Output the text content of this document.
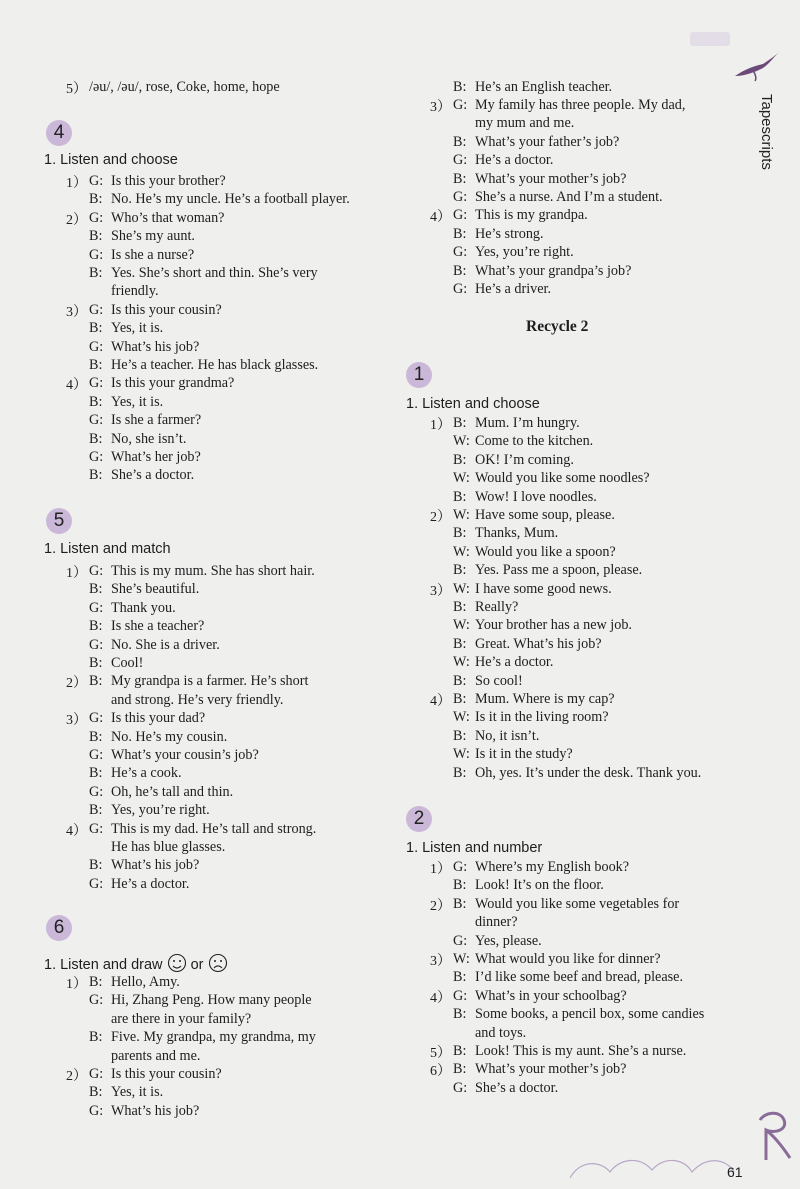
Tapescripts
5） /əu/, /əu/, rose, Coke, home, hope
4
1. Listen and choose
1） G: Is this your brother?
B: No. He’s my uncle. He’s a football player.
2） G: Who’s that woman?
B: She’s my aunt.
G: Is she a nurse?
B: Yes. She’s short and thin. She’s very
friendly.
3） G: Is this your cousin?
B: Yes, it is.
G: What’s his job?
B: He’s a teacher. He has black glasses.
4） G: Is this your grandma?
B: Yes, it is.
G: Is she a farmer?
B: No, she isn’t.
G: What’s her job?
B: She’s a doctor.
5
1. Listen and match
1） G: This is my mum. She has short hair.
B: She’s beautiful.
G: Thank you.
B: Is she a teacher?
G: No. She is a driver.
B: Cool!
2） B: My grandpa is a farmer. He’s short
and strong. He’s very friendly.
3） G: Is this your dad?
B: No. He’s my cousin.
G: What’s your cousin’s job?
B: He’s a cook.
G: Oh, he’s tall and thin.
B: Yes, you’re right.
4） G: This is my dad. He’s tall and strong.
He has blue glasses.
B: What’s his job?
G: He’s a doctor.
6
1. Listen and draw or
1） B: Hello, Amy.
G: Hi, Zhang Peng. How many people
are there in your family?
B: Five. My grandpa, my grandma, my
parents and me.
2） G: Is this your cousin?
B: Yes, it is.
G: What’s his job?
B: He’s an English teacher.
3） G: My family has three people. My dad,
my mum and me.
B: What’s your father’s job?
G: He’s a doctor.
B: What’s your mother’s job?
G: She’s a nurse. And I’m a student.
4） G: This is my grandpa.
B: He’s strong.
G: Yes, you’re right.
B: What’s your grandpa’s job?
G: He’s a driver.
Recycle 2
1
1. Listen and choose
1） B: Mum. I’m hungry.
W: Come to the kitchen.
B: OK! I’m coming.
W: Would you like some noodles?
B: Wow! I love noodles.
2） W: Have some soup, please.
B: Thanks, Mum.
W: Would you like a spoon?
B: Yes. Pass me a spoon, please.
3） W: I have some good news.
B: Really?
W: Your brother has a new job.
B: Great. What’s his job?
W: He’s a doctor.
B: So cool!
4） B: Mum. Where is my cap?
W: Is it in the living room?
B: No, it isn’t.
W: Is it in the study?
B: Oh, yes. It’s under the desk. Thank you.
2
1. Listen and number
1） G: Where’s my English book?
B: Look! It’s on the floor.
2） B: Would you like some vegetables for
dinner?
G: Yes, please.
3） W: What would you like for dinner?
B: I’d like some beef and bread, please.
4） G: What’s in your schoolbag?
B: Some books, a pencil box, some candies
and toys.
5） B: Look! This is my aunt. She’s a nurse.
6） B: What’s your mother’s job?
G: She’s a doctor.
61
